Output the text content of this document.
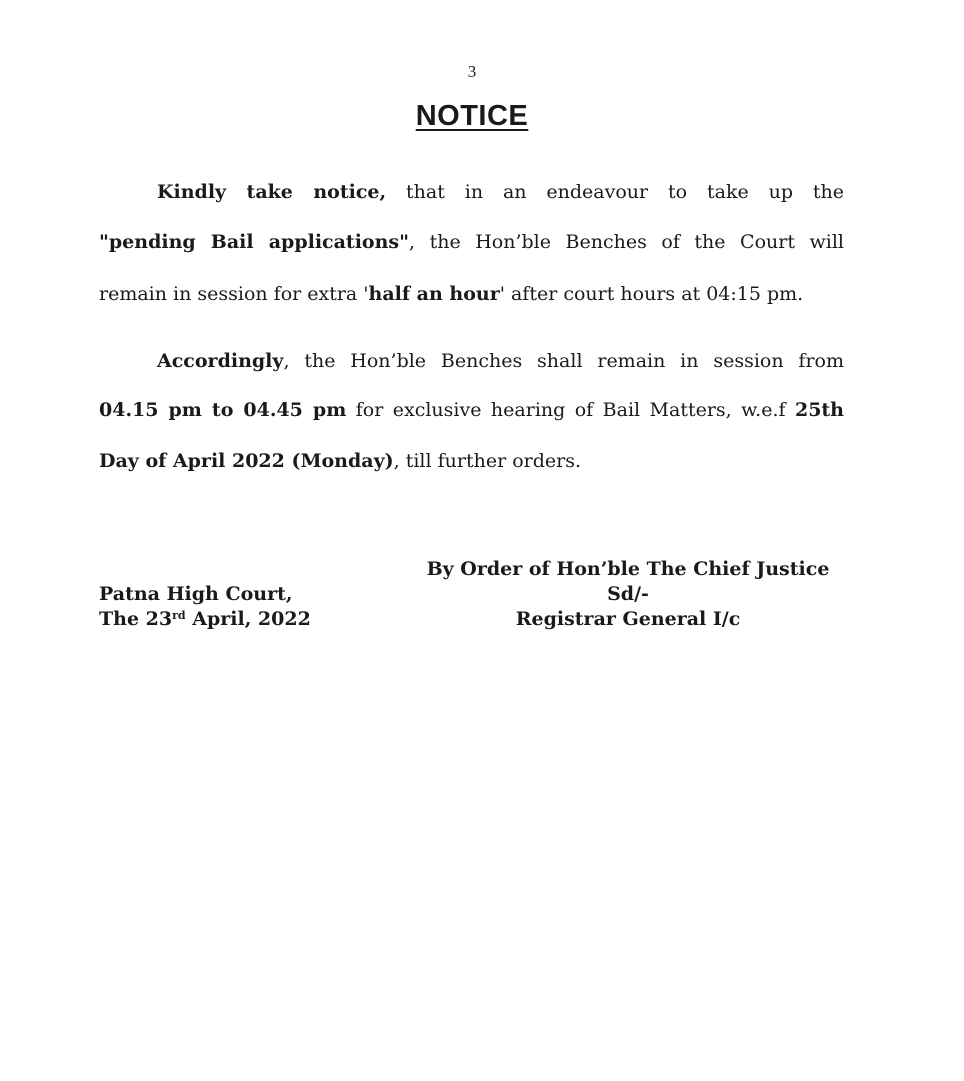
3
NOTICE
Kindly take notice, that in an endeavour to take up the
"pending Bail applications", the Hon’ble Benches of the Court will
remain in session for extra 'half an hour' after court hours at 04:15 pm.
Accordingly, the Hon’ble Benches shall remain in session from
04.15 pm to 04.45 pm for exclusive hearing of Bail Matters, w.e.f 25th
Day of April 2022 (Monday), till further orders.
By Order of Hon’ble The Chief Justice
Sd/-
Registrar General I/c
Patna High Court,
The 23rd April, 2022
